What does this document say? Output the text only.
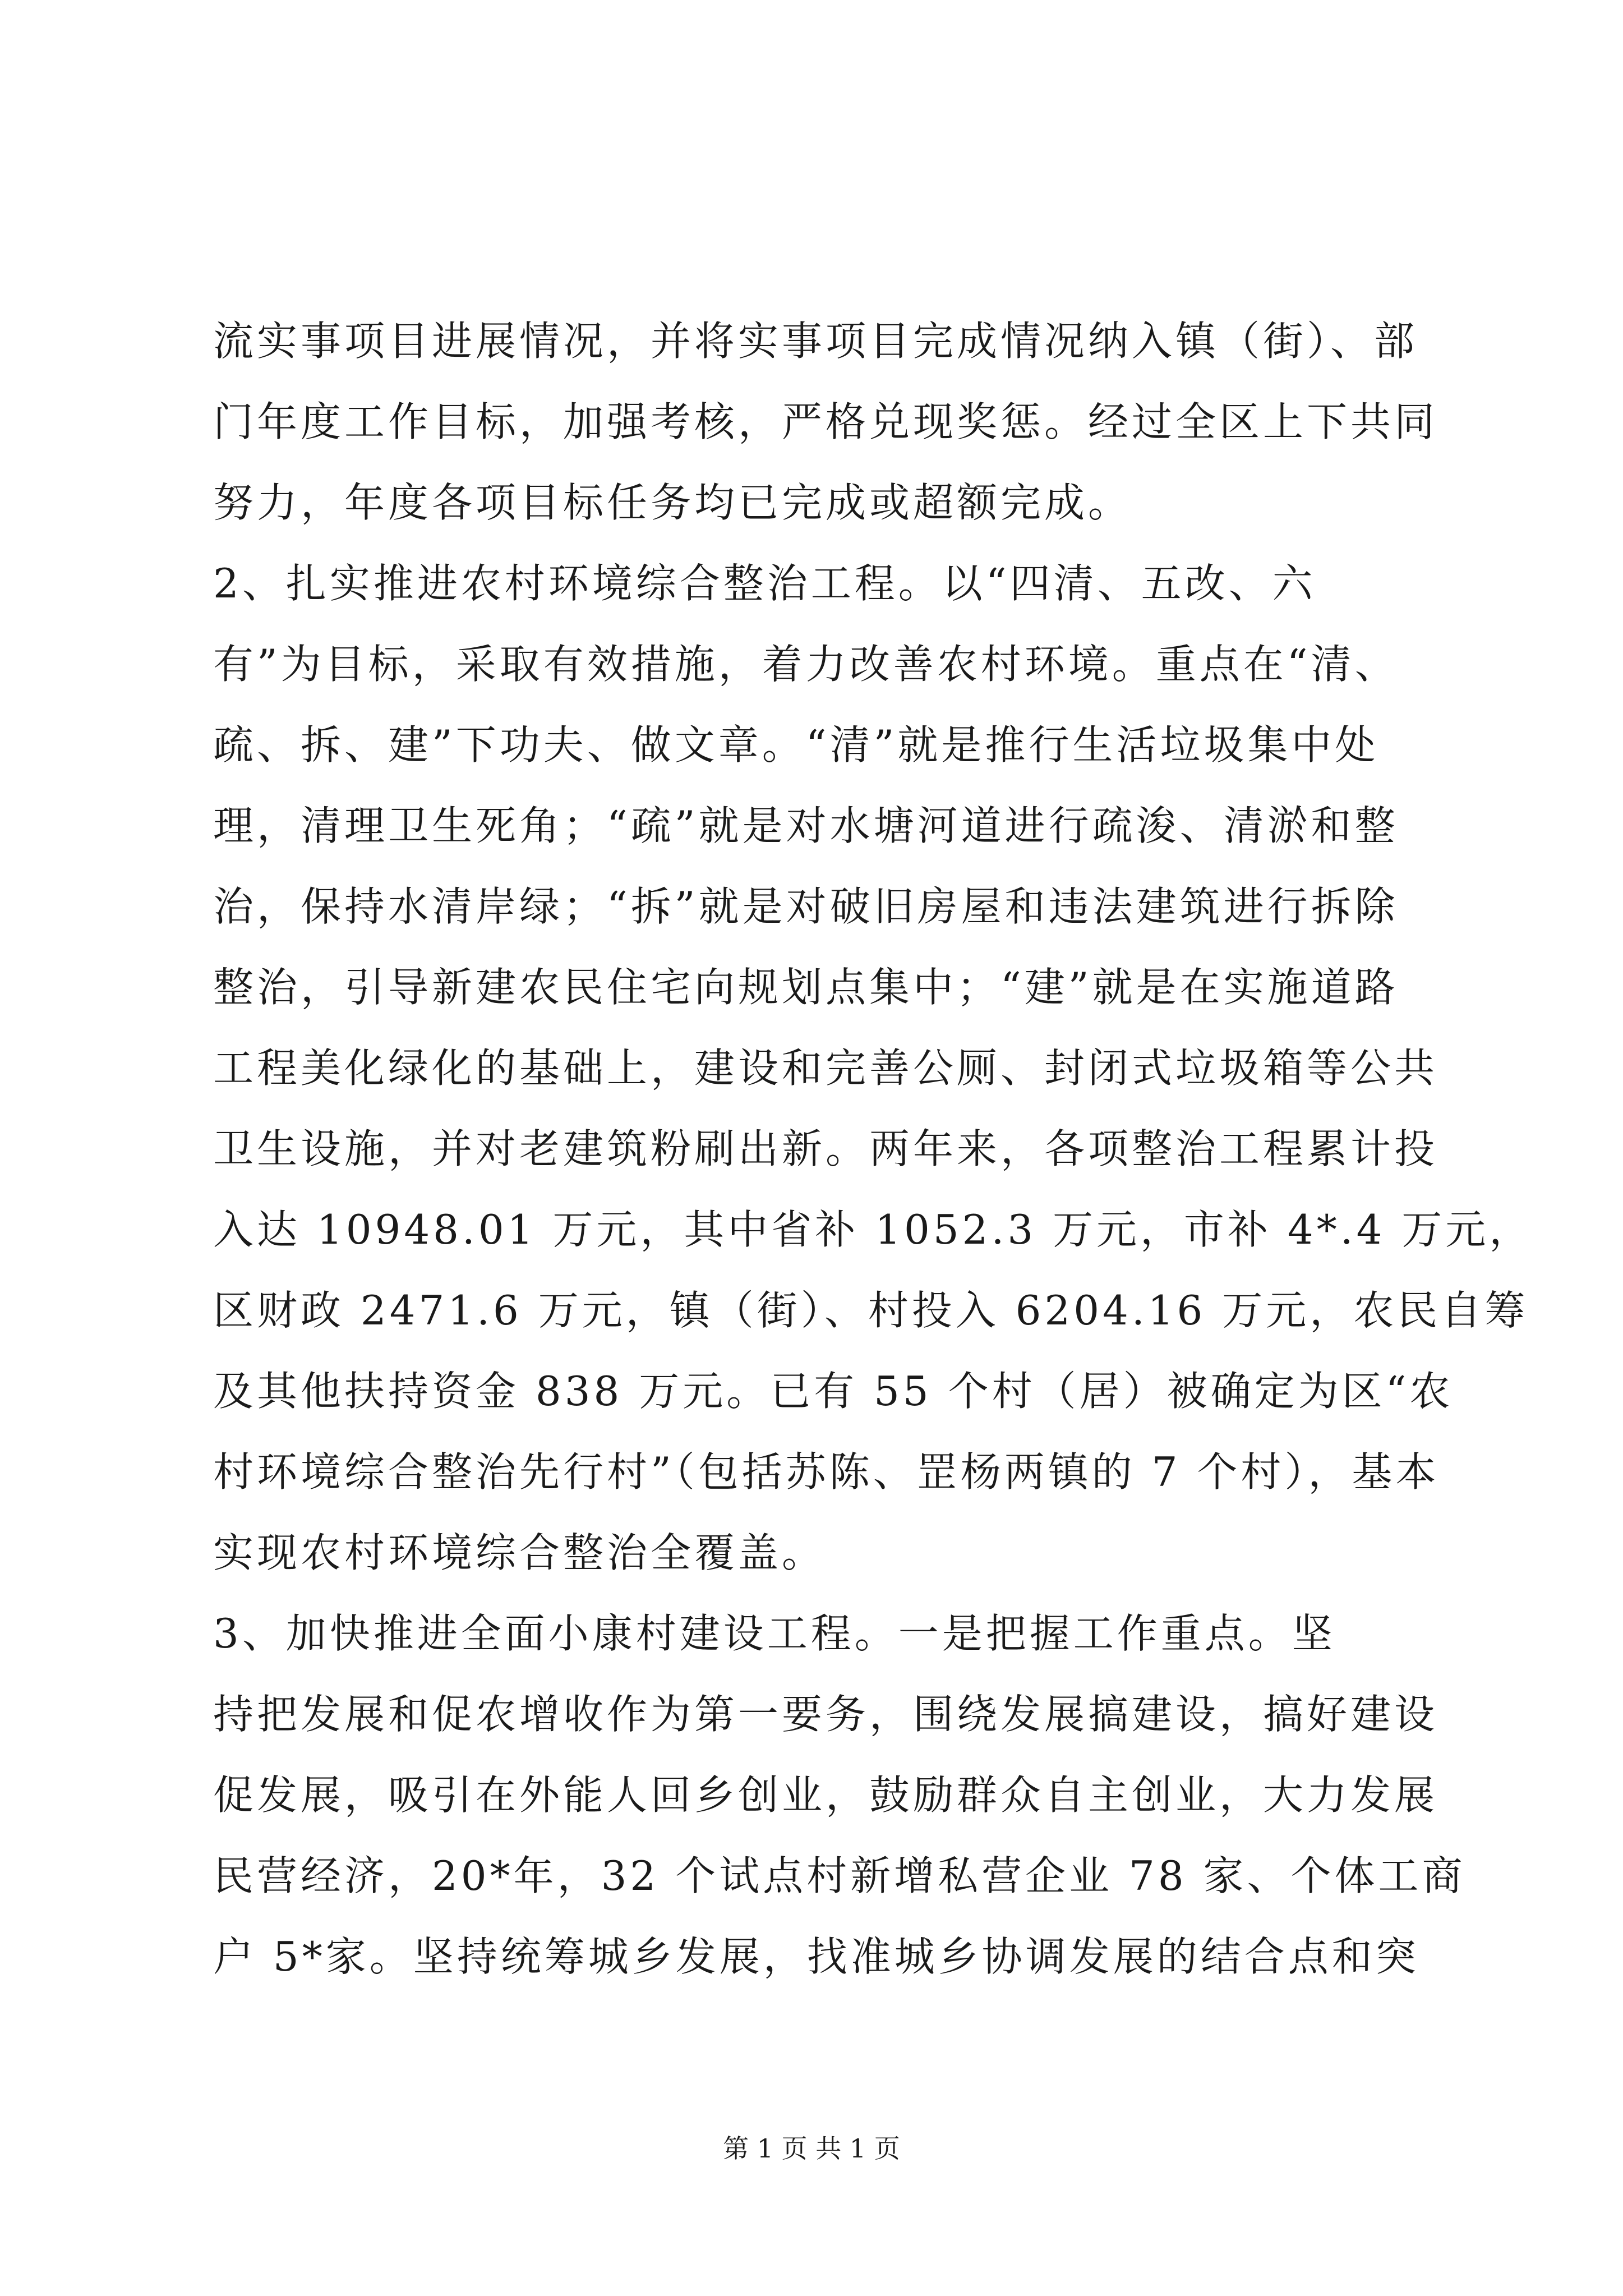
流实事项目进展情况，并将实事项目完成情况纳入镇（街）、部
门年度工作目标，加强考核，严格兑现奖惩。经过全区上下共同
努力，年度各项目标任务均已完成或超额完成。
2、扎实推进农村环境综合整治工程。以“四清、五改、六
有”为目标，采取有效措施，着力改善农村环境。重点在“清、
疏、拆、建”下功夫、做文章。“清”就是推行生活垃圾集中处
理，清理卫生死角；“疏”就是对水塘河道进行疏浚、清淤和整
治，保持水清岸绿；“拆”就是对破旧房屋和违法建筑进行拆除
整治，引导新建农民住宅向规划点集中；“建”就是在实施道路
工程美化绿化的基础上，建设和完善公厕、封闭式垃圾箱等公共
卫生设施，并对老建筑粉刷出新。两年来，各项整治工程累计投
入达 10948.01 万元，其中省补 1052.3 万元，市补 4*.4 万元，
区财政 2471.6 万元，镇（街）、村投入 6204.16 万元，农民自筹
及其他扶持资金 838 万元。已有 55 个村（居）被确定为区“农
村环境综合整治先行村”（包括苏陈、罡杨两镇的 7 个村），基本
实现农村环境综合整治全覆盖。
3、加快推进全面小康村建设工程。一是把握工作重点。坚
持把发展和促农增收作为第一要务，围绕发展搞建设，搞好建设
促发展，吸引在外能人回乡创业，鼓励群众自主创业，大力发展
民营经济，20*年，32 个试点村新增私营企业 78 家、个体工商
户 5*家。坚持统筹城乡发展，找准城乡协调发展的结合点和突
第 1 页 共 1 页
